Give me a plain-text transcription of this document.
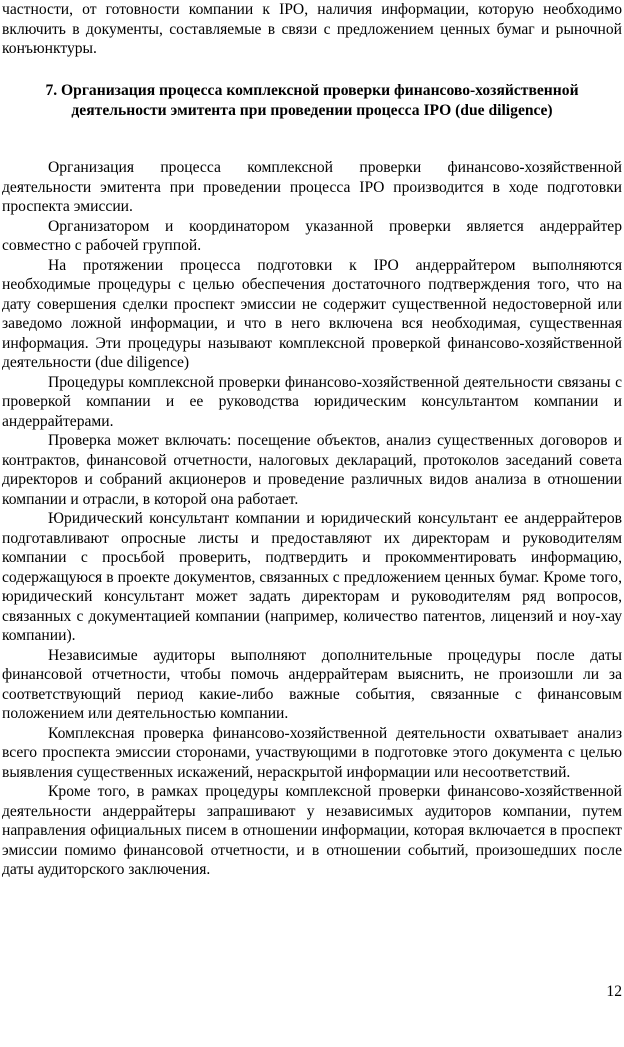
частности, от готовности компании к IPO, наличия информации, которую необходимо включить в документы, составляемые в связи с предложением ценных бумаг и рыночной конъюнктуры.

7. Организация процесса комплексной проверки финансово-хозяйственной деятельности эмитента при проведении процесса IPO (due diligence)

Организация процесса комплексной проверки финансово-хозяйственной деятельности эмитента при проведении процесса IPO производится в ходе подготовки проспекта эмиссии.

Организатором и координатором указанной проверки является андеррайтер совместно с рабочей группой.

На протяжении процесса подготовки к IPO андеррайтером выполняются необходимые процедуры с целью обеспечения достаточного подтверждения того, что на дату совершения сделки проспект эмиссии не содержит существенной недостоверной или заведомо ложной информации, и что в него включена вся необходимая, существенная информация. Эти процедуры называют комплексной проверкой финансово-хозяйственной деятельности (due diligence)

Процедуры комплексной проверки финансово-хозяйственной деятельности связаны с проверкой компании и ее руководства юридическим консультантом компании и андеррайтерами.

Проверка может включать: посещение объектов, анализ существенных договоров и контрактов, финансовой отчетности, налоговых деклараций, протоколов заседаний совета директоров и собраний акционеров и проведение различных видов анализа в отношении компании и отрасли, в которой она работает.

Юридический консультант компании и юридический консультант ее андеррайтеров подготавливают опросные листы и предоставляют их директорам и руководителям компании с просьбой проверить, подтвердить и прокомментировать информацию, содержащуюся в проекте документов, связанных с предложением ценных бумаг. Кроме того, юридический консультант может задать директорам и руководителям ряд вопросов, связанных с документацией компании (например, количество патентов, лицензий и ноу-хау компании).

Независимые аудиторы выполняют дополнительные процедуры после даты финансовой отчетности, чтобы помочь андеррайтерам выяснить, не произошли ли за соответствующий период какие-либо важные события, связанные с финансовым положением или деятельностью компании.

Комплексная проверка финансово-хозяйственной деятельности охватывает анализ всего проспекта эмиссии сторонами, участвующими в подготовке этого документа с целью выявления существенных искажений, нераскрытой информации или несоответствий.

Кроме того, в рамках процедуры комплексной проверки финансово-хозяйственной деятельности андеррайтеры запрашивают у независимых аудиторов компании, путем направления официальных писем в отношении информации, которая включается в проспект эмиссии помимо финансовой отчетности, и в отношении событий, произошедших после даты аудиторского заключения.

12
